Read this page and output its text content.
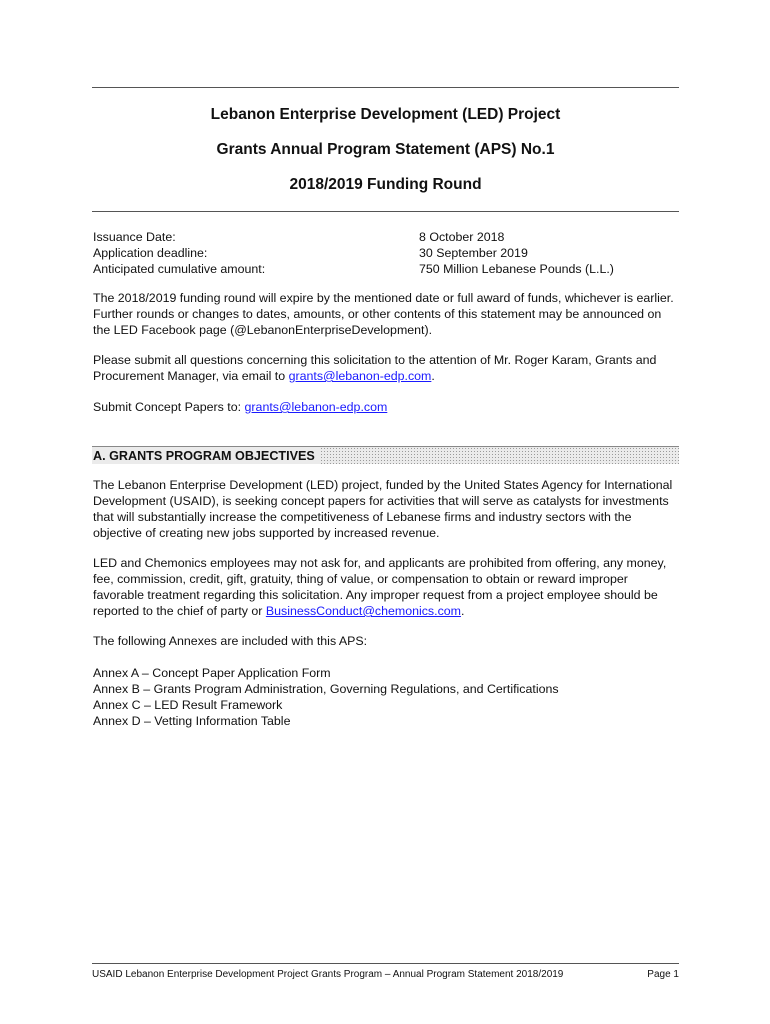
Lebanon Enterprise Development (LED) Project
Grants Annual Program Statement (APS) No.1
2018/2019 Funding Round
Issuance Date:	8 October 2018
Application deadline:	30 September 2019
Anticipated cumulative amount:	750 Million Lebanese Pounds (L.L.)

The 2018/2019 funding round will expire by the mentioned date or full award of funds, whichever is earlier. Further rounds or changes to dates, amounts, or other contents of this statement may be announced on the LED Facebook page (@LebanonEnterpriseDevelopment).

Please submit all questions concerning this solicitation to the attention of Mr. Roger Karam, Grants and Procurement Manager, via email to grants@lebanon-edp.com.

Submit Concept Papers to: grants@lebanon-edp.com

A. GRANTS PROGRAM OBJECTIVES

The Lebanon Enterprise Development (LED) project, funded by the United States Agency for International Development (USAID), is seeking concept papers for activities that will serve as catalysts for investments that will substantially increase the competitiveness of Lebanese firms and industry sectors with the objective of creating new jobs supported by increased revenue.

LED and Chemonics employees may not ask for, and applicants are prohibited from offering, any money, fee, commission, credit, gift, gratuity, thing of value, or compensation to obtain or reward improper favorable treatment regarding this solicitation. Any improper request from a project employee should be reported to the chief of party or BusinessConduct@chemonics.com.

The following Annexes are included with this APS:

Annex A – Concept Paper Application Form
Annex B – Grants Program Administration, Governing Regulations, and Certifications
Annex C – LED Result Framework
Annex D – Vetting Information Table
USAID Lebanon Enterprise Development Project Grants Program – Annual Program Statement 2018/2019	Page 1
